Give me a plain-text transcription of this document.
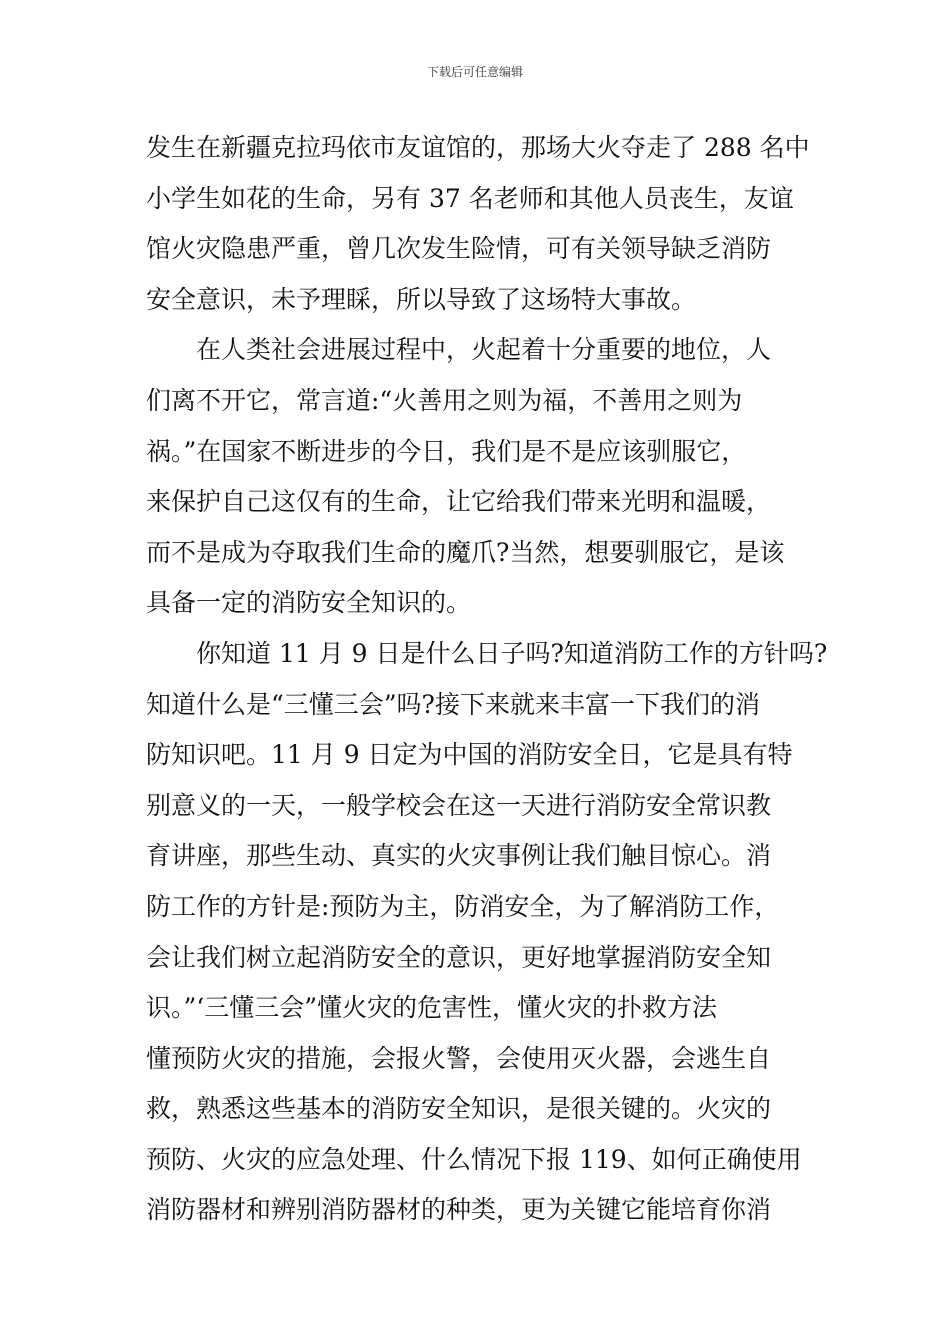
下载后可任意编辑
发生在新疆克拉玛依市友谊馆的，那场大火夺走了 288 名中
小学生如花的生命，另有 37 名老师和其他人员丧生，友谊
馆火灾隐患严重，曾几次发生险情，可有关领导缺乏消防
安全意识，未予理睬，所以导致了这场特大事故。
在人类社会进展过程中，火起着十分重要的地位，人
们离不开它，常言道:“火善用之则为福，不善用之则为
祸。”在国家不断进步的今日，我们是不是应该驯服它，
来保护自己这仅有的生命，让它给我们带来光明和温暖，
而不是成为夺取我们生命的魔爪?当然，想要驯服它，是该
具备一定的消防安全知识的。
你知道 11 月 9 日是什么日子吗?知道消防工作的方针吗?
知道什么是“三懂三会”吗?接下来就来丰富一下我们的消
防知识吧。11 月 9 日定为中国的消防安全日，它是具有特
别意义的一天，一般学校会在这一天进行消防安全常识教
育讲座，那些生动、真实的火灾事例让我们触目惊心。消
防工作的方针是:预防为主，防消安全，为了解消防工作，
会让我们树立起消防安全的意识，更好地掌握消防安全知
识。”‘三懂三会”懂火灾的危害性，懂火灾的扑救方法
懂预防火灾的措施，会报火警，会使用灭火器，会逃生自
救，熟悉这些基本的消防安全知识，是很关键的。火灾的
预防、火灾的应急处理、什么情况下报 119、如何正确使用
消防器材和辨别消防器材的种类，更为关键它能培育你消
